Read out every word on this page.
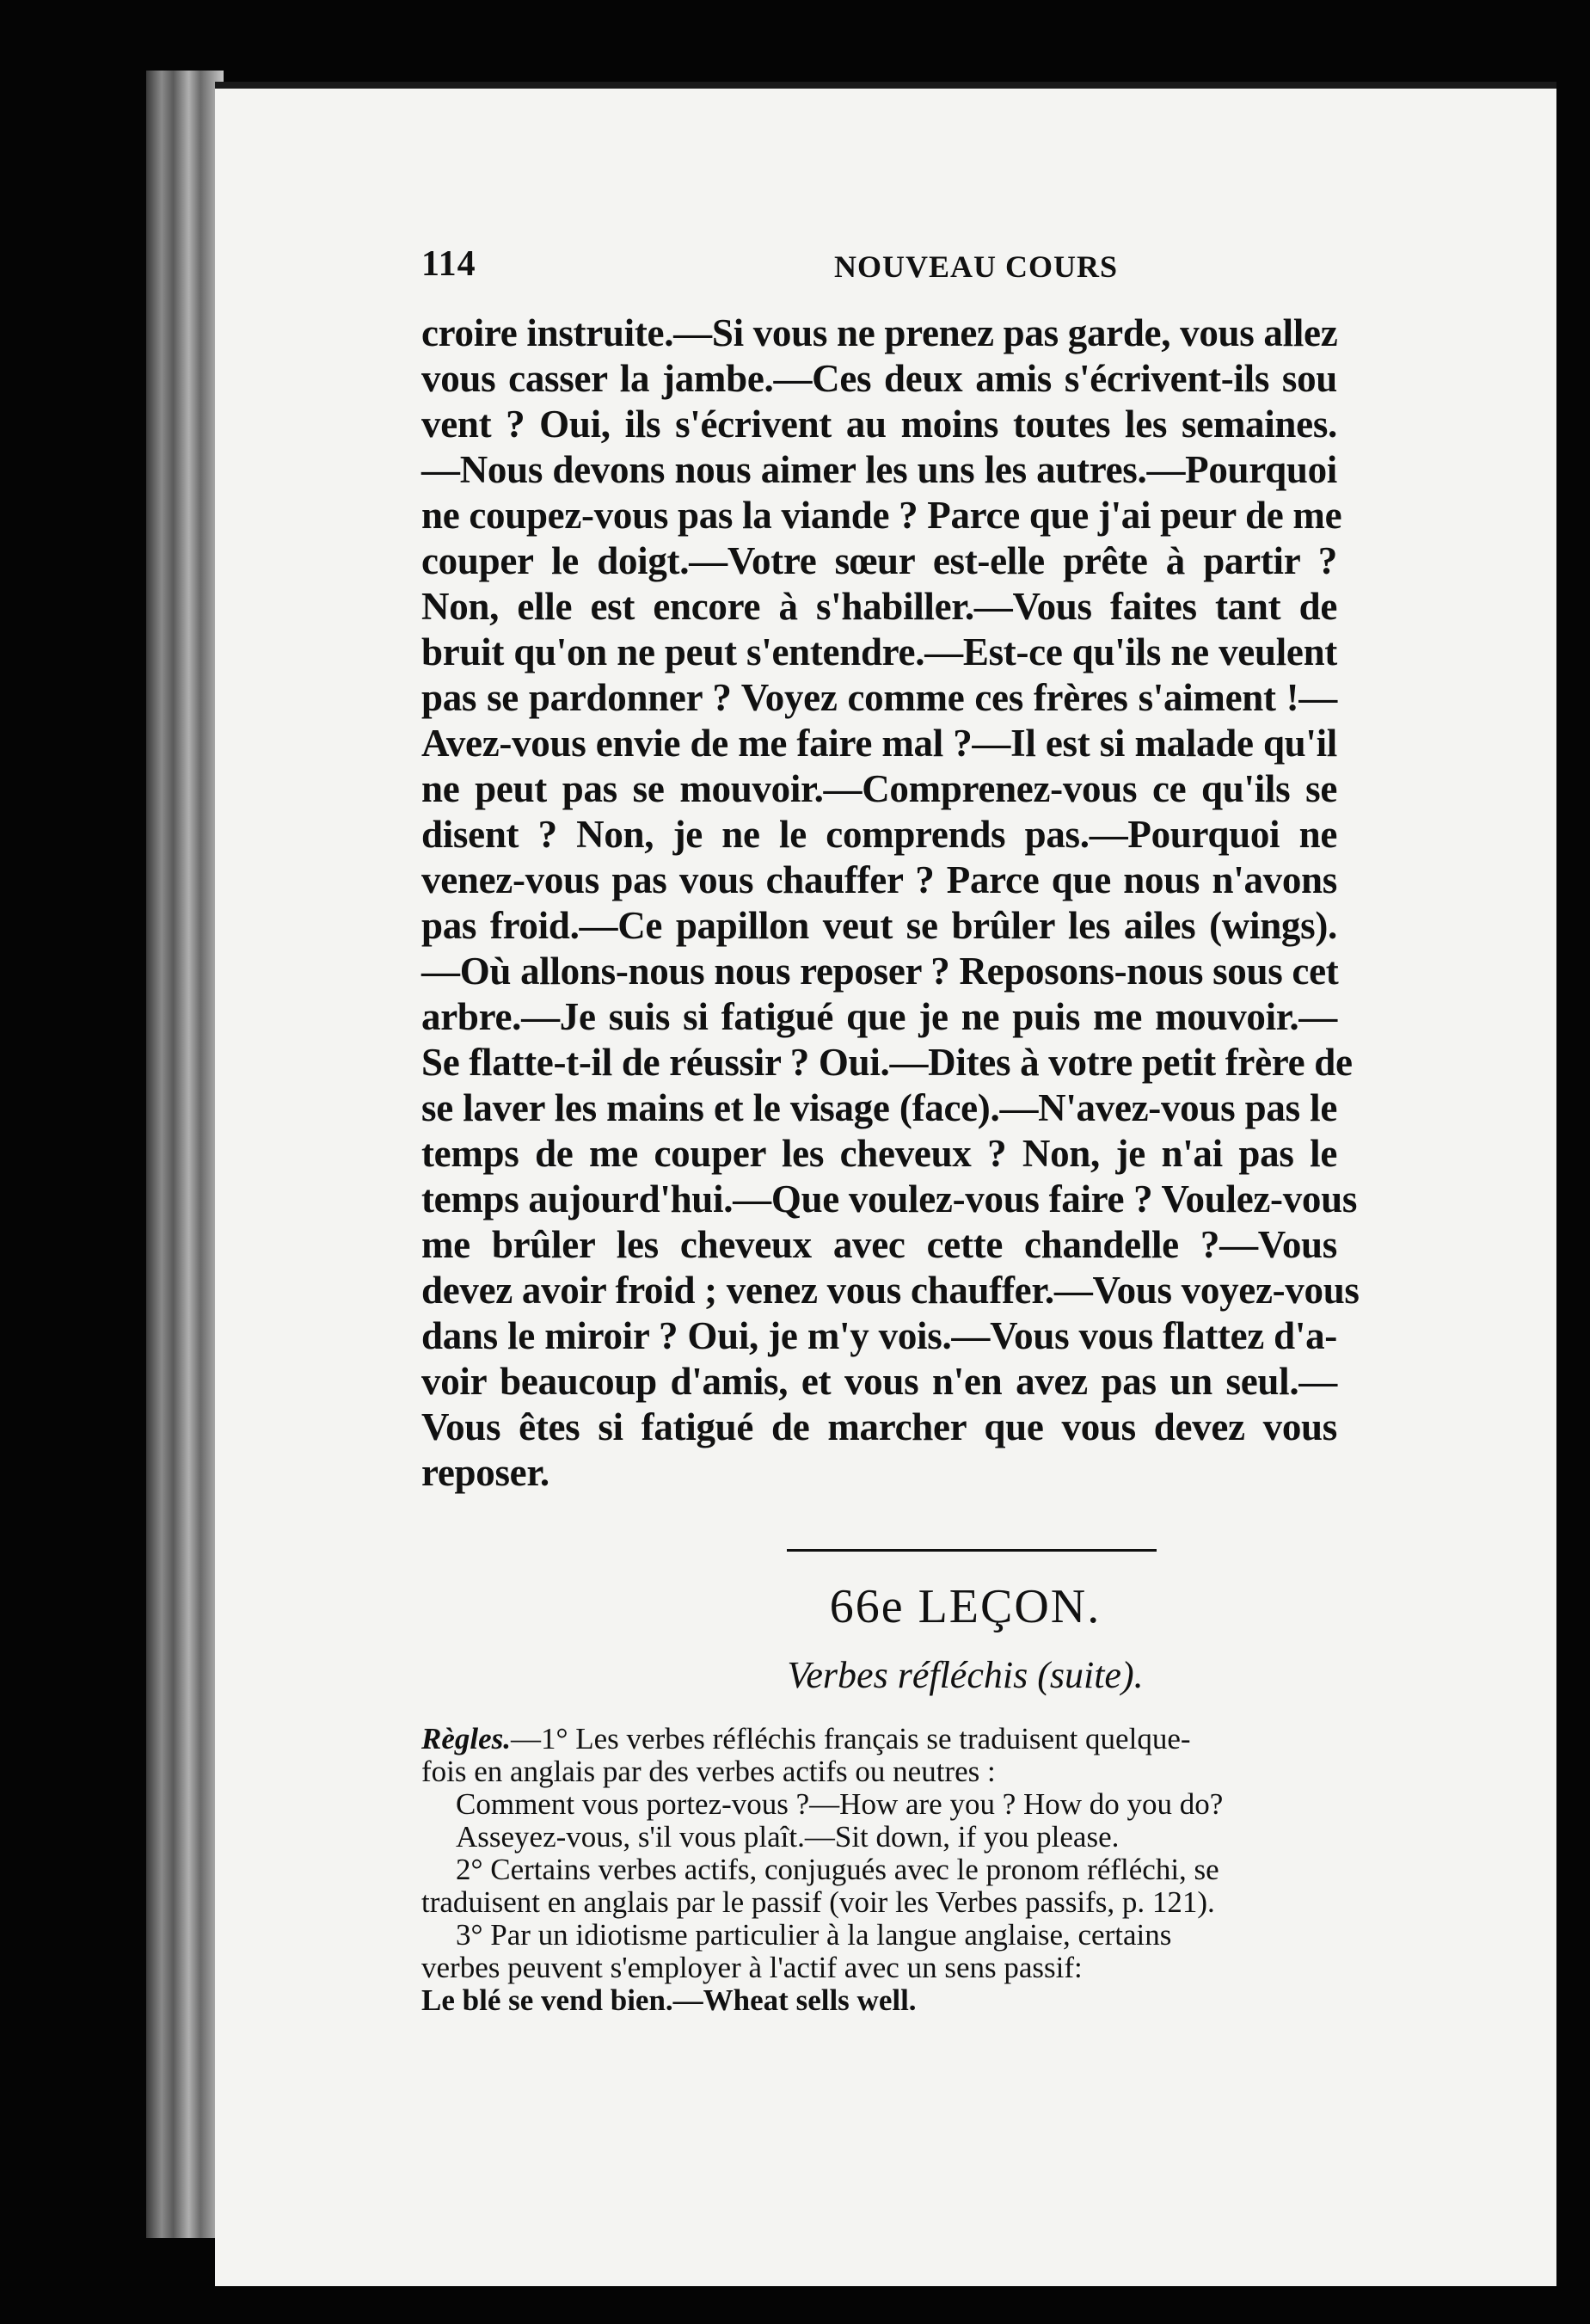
114	NOUVEAU COURS
croire instruite.—Si vous ne prenez pas garde, vous allez
vous casser la jambe.—Ces deux amis s'écrivent-ils sou
vent ? Oui, ils s'écrivent au moins toutes les semaines.
—Nous devons nous aimer les uns les autres.—Pourquoi
ne coupez-vous pas la viande ? Parce que j'ai peur de me
couper le doigt.—Votre sœur est-elle prête à partir ?
Non, elle est encore à s'habiller.—Vous faites tant de
bruit qu'on ne peut s'entendre.—Est-ce qu'ils ne veulent
pas se pardonner ? Voyez comme ces frères s'aiment !—
Avez-vous envie de me faire mal ?—Il est si malade qu'il
ne peut pas se mouvoir.—Comprenez-vous ce qu'ils se
disent ? Non, je ne le comprends pas.—Pourquoi ne
venez-vous pas vous chauffer ? Parce que nous n'avons
pas froid.—Ce papillon veut se brûler les ailes (wings).
—Où allons-nous nous reposer ? Reposons-nous sous cet
arbre.—Je suis si fatigué que je ne puis me mouvoir.—
Se flatte-t-il de réussir ? Oui.—Dites à votre petit frère de
se laver les mains et le visage (face).—N'avez-vous pas le
temps de me couper les cheveux ? Non, je n'ai pas le
temps aujourd'hui.—Que voulez-vous faire ? Voulez-vous
me brûler les cheveux avec cette chandelle ?—Vous
devez avoir froid ; venez vous chauffer.—Vous voyez-vous
dans le miroir ? Oui, je m'y vois.—Vous vous flattez d'a-
voir beaucoup d'amis, et vous n'en avez pas un seul.—
Vous êtes si fatigué de marcher que vous devez vous
reposer.
66e LEÇON.
Verbes réfléchis (suite).
Règles.—1° Les verbes réfléchis français se traduisent quelque-
fois en anglais par des verbes actifs ou neutres :
Comment vous portez-vous ?—How are you ? How do you do?
Asseyez-vous, s'il vous plaît.—Sit down, if you please.
2° Certains verbes actifs, conjugués avec le pronom réfléchi, se
traduisent en anglais par le passif (voir les Verbes passifs, p. 121).
3° Par un idiotisme particulier à la langue anglaise, certains
verbes peuvent s'employer à l'actif avec un sens passif:
Le blé se vend bien.—Wheat sells well.
